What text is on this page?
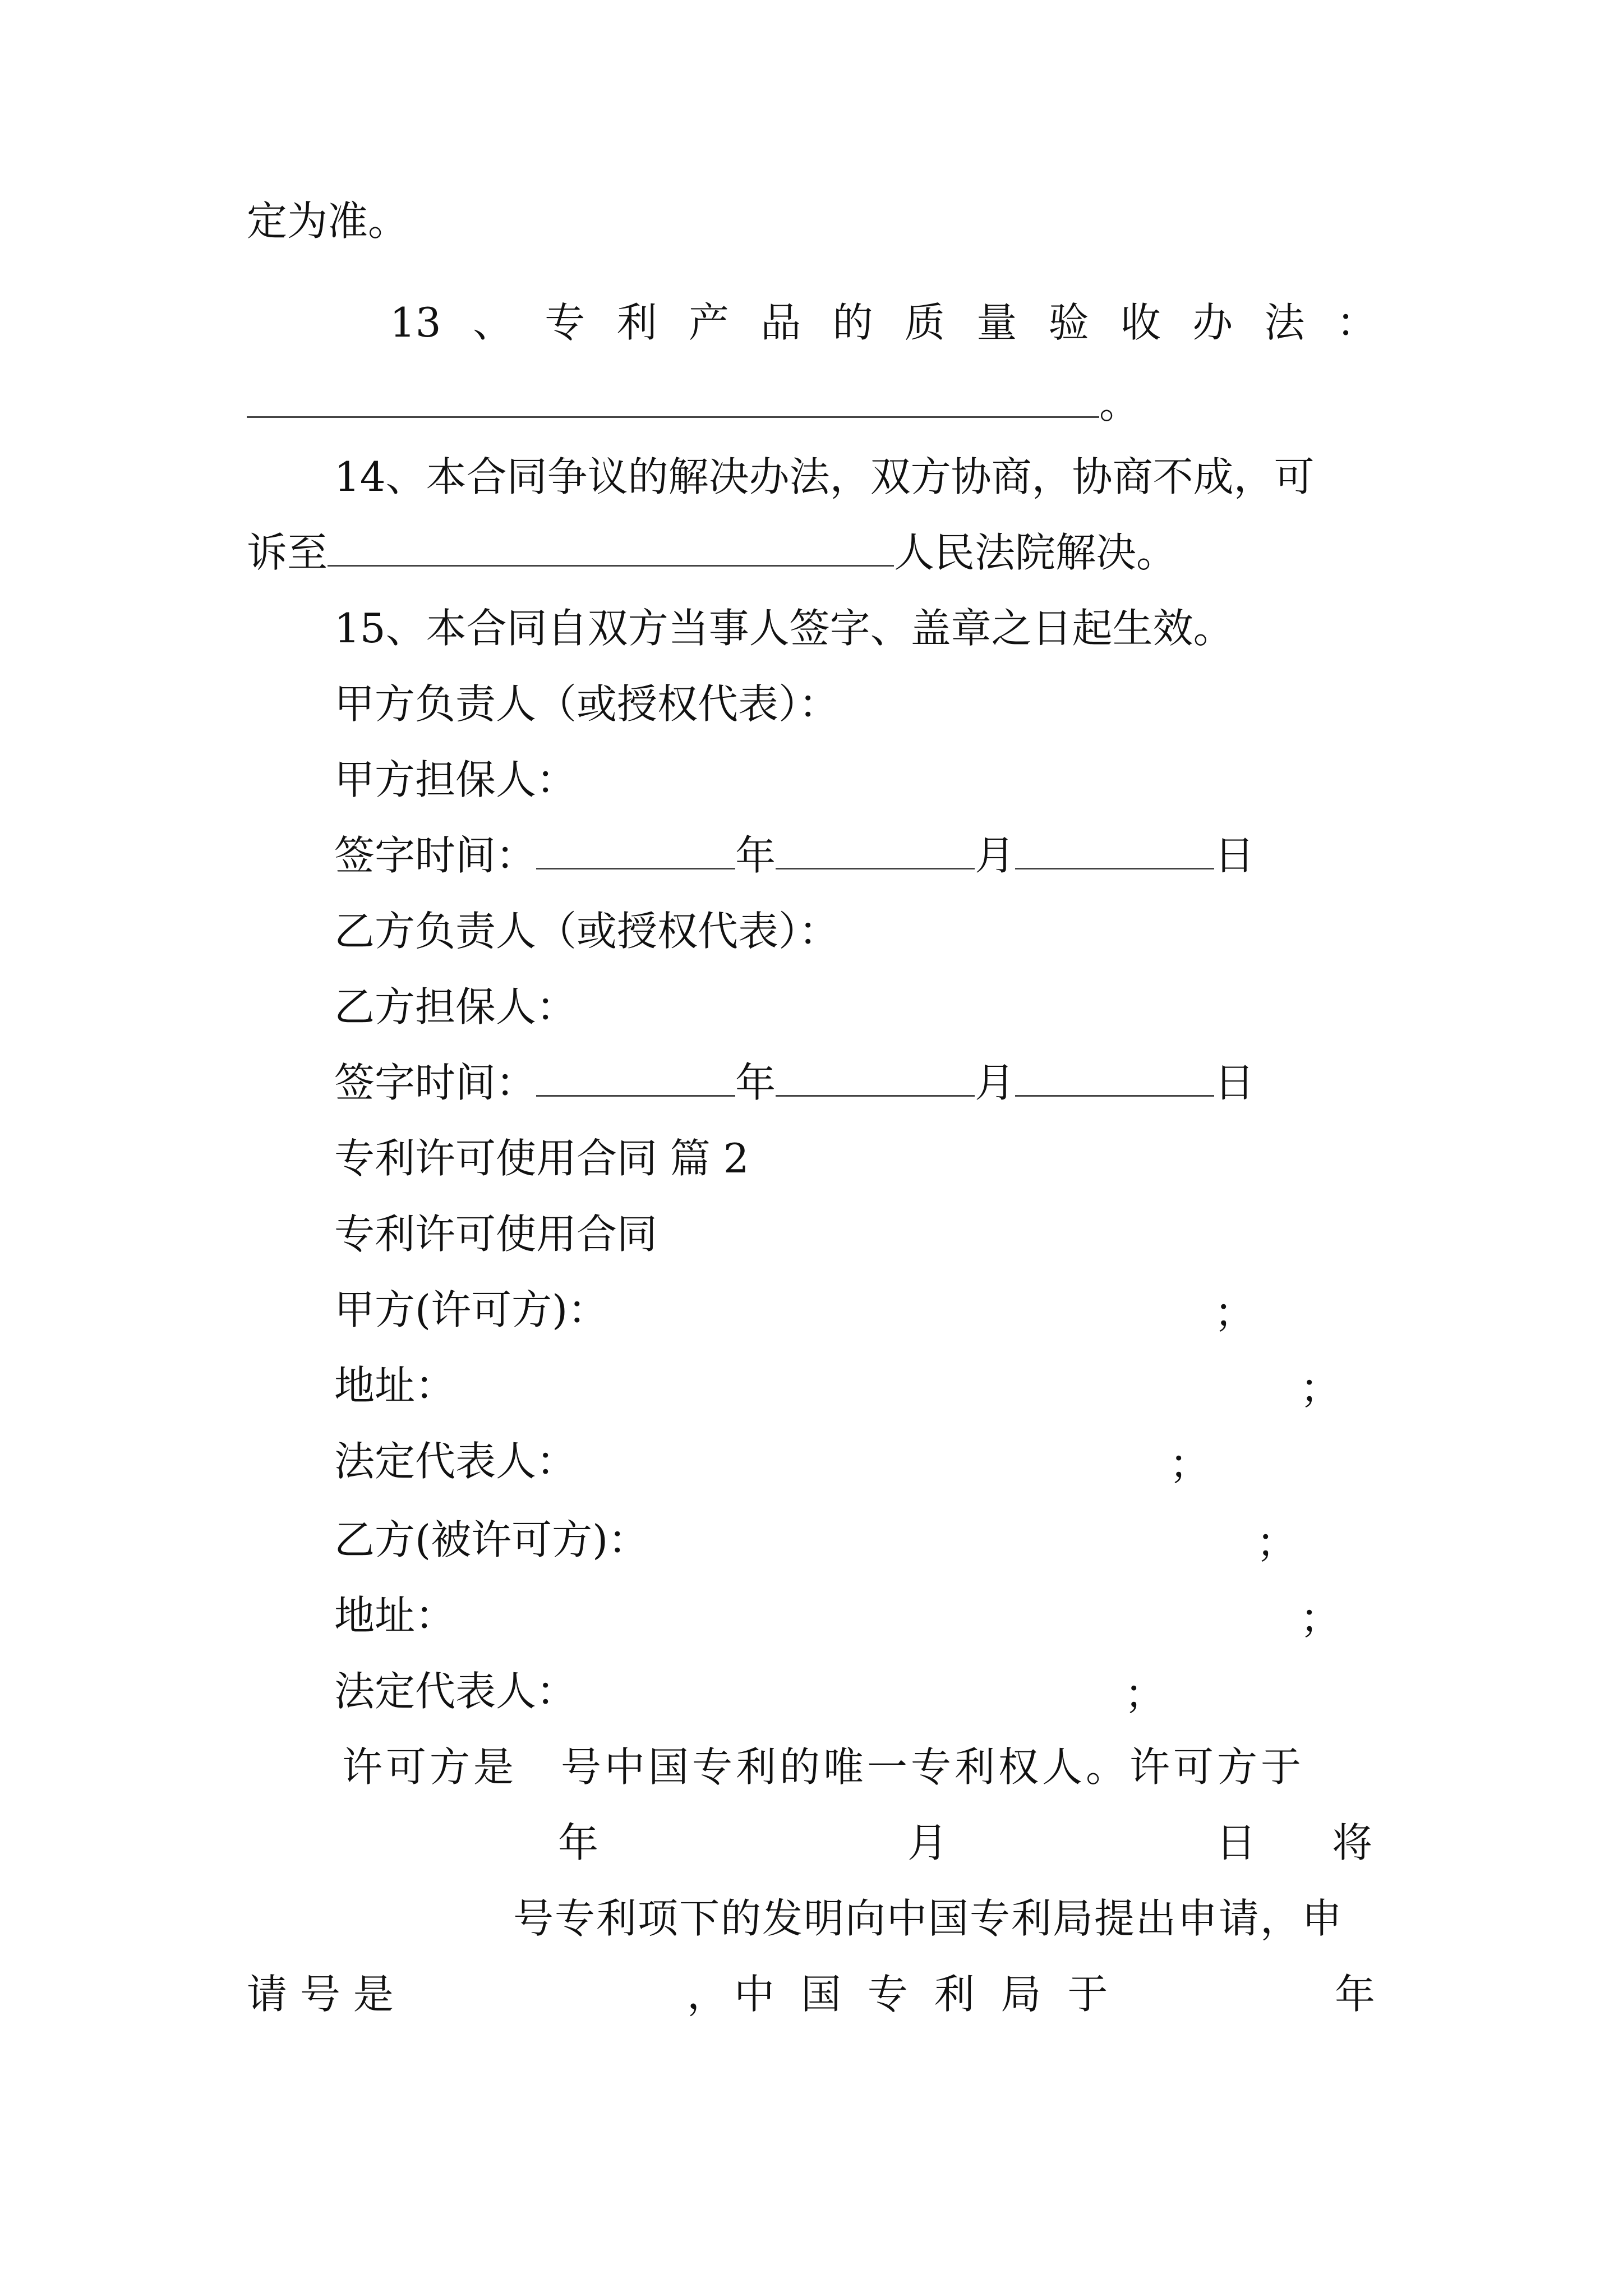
定为准。
13 、 专 利 产 品 的 质 量 验 收 办 法 ：
。
14、本合同争议的解决办法，双方协商，协商不成，可
诉至	人民法院解决。
15、本合同自双方当事人签字、盖章之日起生效。
甲方负责人（或授权代表）：
甲方担保人：
签字时间：	年	月	日
乙方负责人（或授权代表）：
乙方担保人：
签字时间：	年	月	日
专利许可使用合同 篇 2
专利许可使用合同
甲方(许可方)：	；
地址：	；
法定代表人：	；
乙方(被许可方)：	；
地址：	；
法定代表人：	；
许可方是　号中国专利的唯一专利权人。许可方于
年	月	日 将
号专利项下的发明向中国专利局提出申请，申
请 号 是	，中 国 专 利 局 于	年
